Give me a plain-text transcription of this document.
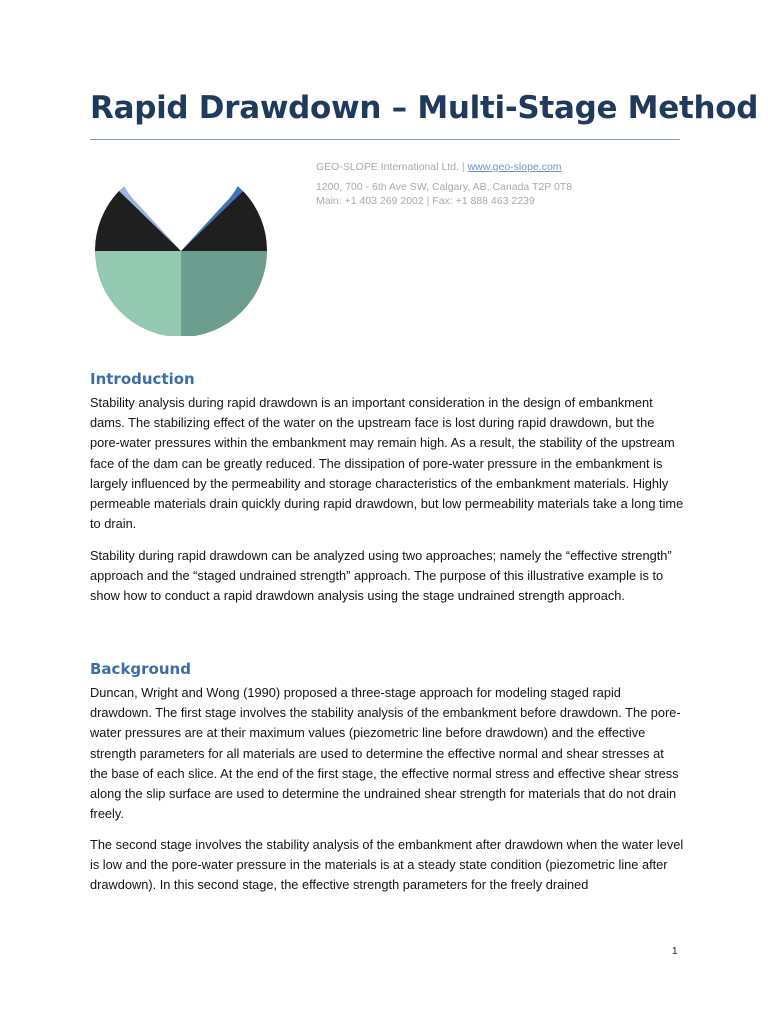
Rapid Drawdown – Multi-Stage Method
GEO-SLOPE International Ltd. | www.geo-slope.com
1200, 700 - 6th Ave SW, Calgary, AB, Canada T2P 0T8
Main: +1 403 269 2002 | Fax: +1 888 463 2239
Introduction

Stability analysis during rapid drawdown is an important consideration in the design of embankment dams. The stabilizing effect of the water on the upstream face is lost during rapid drawdown, but the pore-water pressures within the embankment may remain high. As a result, the stability of the upstream face of the dam can be greatly reduced. The dissipation of pore-water pressure in the embankment is largely influenced by the permeability and storage characteristics of the embankment materials. Highly permeable materials drain quickly during rapid drawdown, but low permeability materials take a long time to drain.

Stability during rapid drawdown can be analyzed using two approaches; namely the “effective strength” approach and the “staged undrained strength” approach. The purpose of this illustrative example is to show how to conduct a rapid drawdown analysis using the stage undrained strength approach.

Background

Duncan, Wright and Wong (1990) proposed a three-stage approach for modeling staged rapid drawdown. The first stage involves the stability analysis of the embankment before drawdown. The pore-water pressures are at their maximum values (piezometric line before drawdown) and the effective strength parameters for all materials are used to determine the effective normal and shear stresses at the base of each slice. At the end of the first stage, the effective normal stress and effective shear stress along the slip surface are used to determine the undrained shear strength for materials that do not drain freely.

The second stage involves the stability analysis of the embankment after drawdown when the water level is low and the pore-water pressure in the materials is at a steady state condition (piezometric line after drawdown). In this second stage, the effective strength parameters for the freely drained

1
